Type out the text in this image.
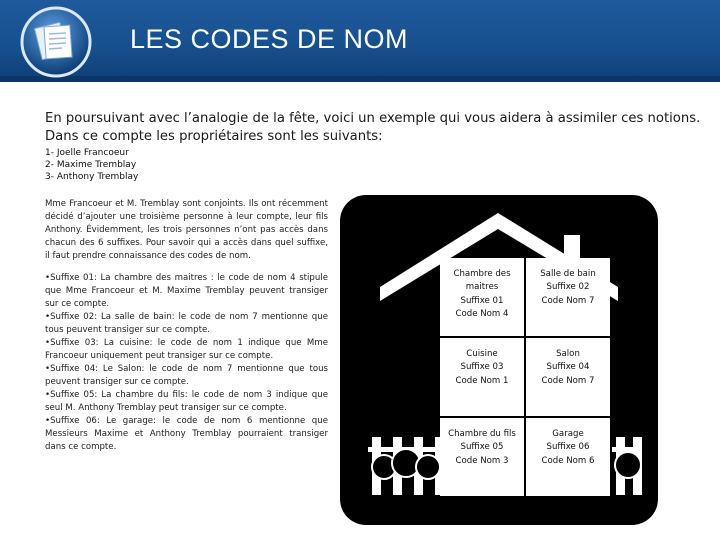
LES CODES DE NOM

En poursuivant avec l’analogie de la fête, voici un exemple qui vous aidera à assimiler ces notions. Dans ce compte les propriétaires sont les suivants:

1- Joelle Francoeur
2- Maxime Tremblay
3- Anthony Tremblay

Mme Francoeur et M. Tremblay sont conjoints. Ils ont récemment décidé d’ajouter une troisième personne à leur compte, leur fils Anthony. Évidemment, les trois personnes n’ont pas accès dans chacun des 6 suffixes. Pour savoir qui a accès dans quel suffixe, il faut prendre connaissance des codes de nom.

•Suffixe 01: La chambre des maitres : le code de nom 4 stipule que Mme Francoeur et M. Maxime Tremblay peuvent transiger sur ce compte.
•Suffixe 02: La salle de bain: le code de nom 7 mentionne que tous peuvent transiger sur ce compte.
•Suffixe 03: La cuisine: le code de nom 1 indique que Mme Francoeur uniquement peut transiger sur ce compte.
•Suffixe 04: Le Salon: le code de nom 7 mentionne que tous peuvent transiger sur ce compte.
•Suffixe 05: La chambre du fils: le code de nom 3 indique que seul M. Anthony Tremblay peut transiger sur ce compte.
•Suffixe 06: Le garage: le code de nom 6 mentionne que Messieurs Maxime et Anthony Tremblay pourraient transiger dans ce compte.
Chambre des maitres
Suffixe 01
Code Nom 4
Salle de bain
Suffixe 02
Code Nom 7
Cuisine
Suffixe 03
Code Nom 1
Salon
Suffixe 04
Code Nom 7
Chambre du fils
Suffixe 05
Code Nom 3
Garage
Suffixe 06
Code Nom 6
